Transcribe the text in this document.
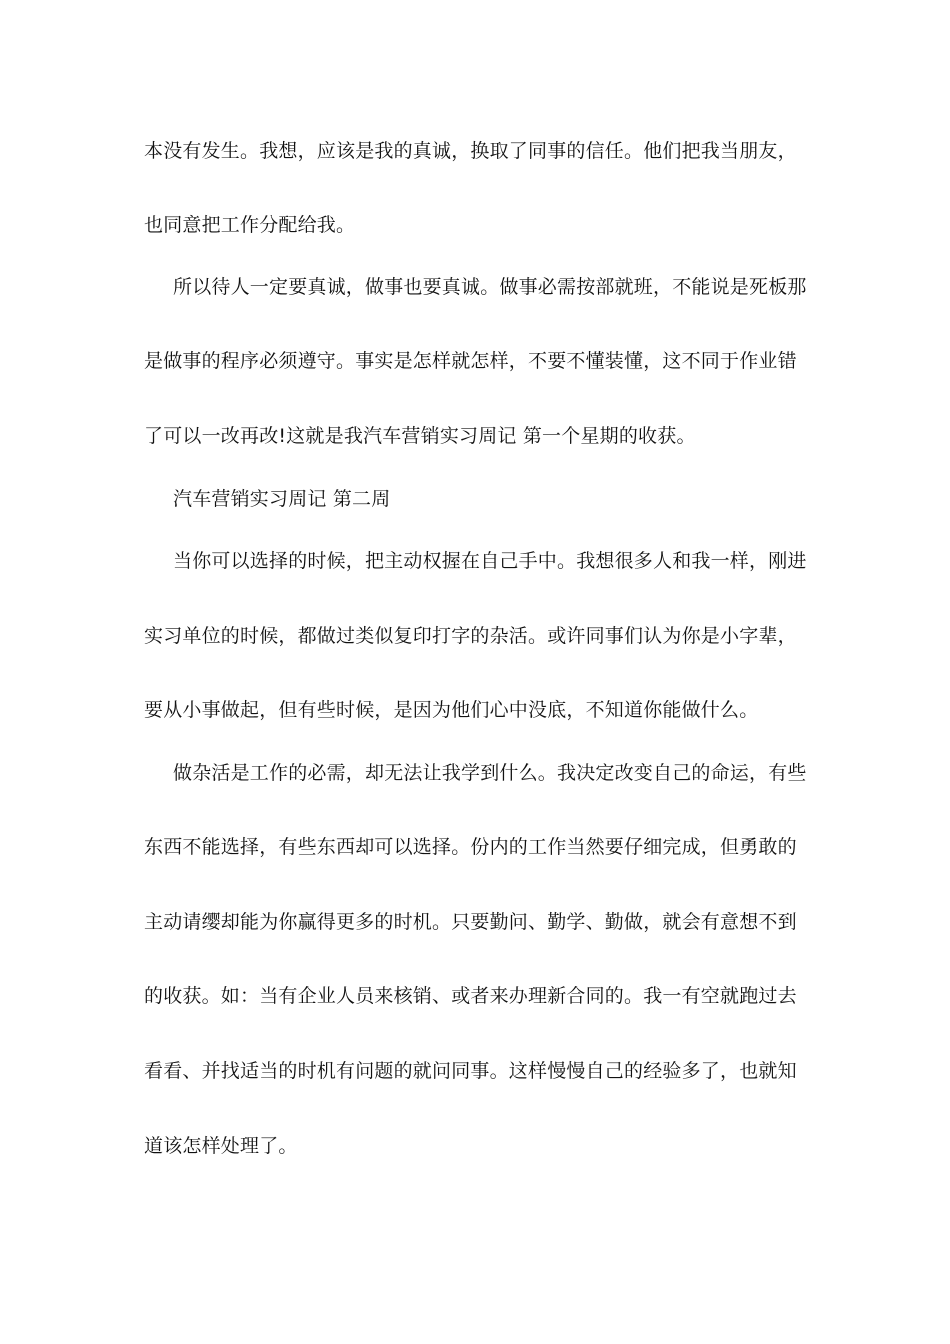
本没有发生。我想，应该是我的真诚，换取了同事的信任。他们把我当朋友，
也同意把工作分配给我。
所以待人一定要真诚，做事也要真诚。做事必需按部就班，不能说是死板那
是做事的程序必须遵守。事实是怎样就怎样，不要不懂装懂，这不同于作业错
了可以一改再改!这就是我汽车营销实习周记 第一个星期的收获。
汽车营销实习周记 第二周
当你可以选择的时候，把主动权握在自己手中。我想很多人和我一样，刚进
实习单位的时候，都做过类似复印打字的杂活。或许同事们认为你是小字辈，
要从小事做起，但有些时候，是因为他们心中没底，不知道你能做什么。
做杂活是工作的必需，却无法让我学到什么。我决定改变自己的命运，有些
东西不能选择，有些东西却可以选择。份内的工作当然要仔细完成，但勇敢的
主动请缨却能为你赢得更多的时机。只要勤问、勤学、勤做，就会有意想不到
的收获。如：当有企业人员来核销、或者来办理新合同的。我一有空就跑过去
看看、并找适当的时机有问题的就问同事。这样慢慢自己的经验多了，也就知
道该怎样处理了。
